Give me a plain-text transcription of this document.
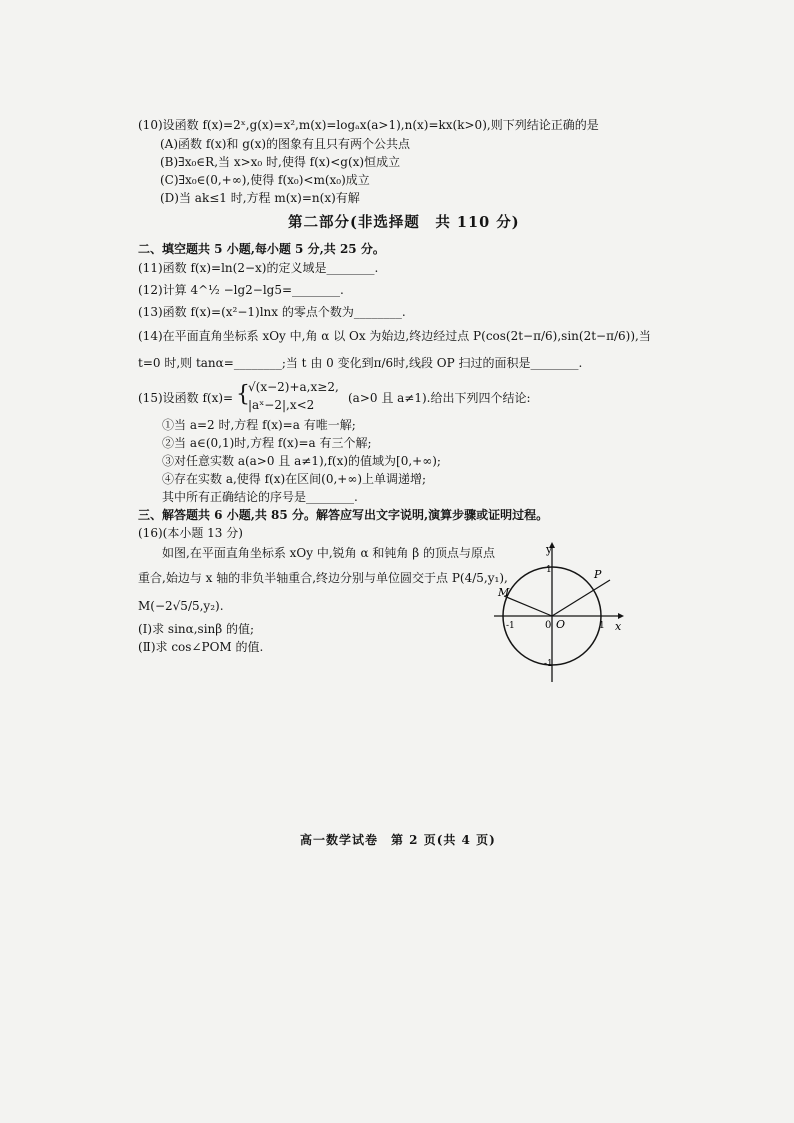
(10)设函数 f(x)=2ˣ,g(x)=x²,m(x)=logₐx(a>1),n(x)=kx(k>0),则下列结论正确的是
(A)函数 f(x)和 g(x)的图象有且只有两个公共点
(B)∃x₀∈R,当 x>x₀ 时,使得 f(x)<g(x)恒成立
(C)∃x₀∈(0,+∞),使得 f(x₀)<m(x₀)成立
(D)当 ak≤1 时,方程 m(x)=n(x)有解
第二部分(非选择题　共 110 分)
二、填空题共 5 小题,每小题 5 分,共 25 分。
(11)函数 f(x)=ln(2−x)的定义域是________.
(12)计算 4^½ −lg2−lg5=________.
(13)函数 f(x)=(x²−1)lnx 的零点个数为________.
(14)在平面直角坐标系 xOy 中,角 α 以 Ox 为始边,终边经过点 P(cos(2t−π/6),sin(2t−π/6)),当
t=0 时,则 tanα=________;当 t 由 0 变化到π/6时,线段 OP 扫过的面积是________.
(15)设函数 f(x)= {
√(x−2)+a,x≥2,
|aˣ−2|,x<2	(a>0 且 a≠1).给出下列四个结论:
①当 a=2 时,方程 f(x)=a 有唯一解;
②当 a∈(0,1)时,方程 f(x)=a 有三个解;
③对任意实数 a(a>0 且 a≠1),f(x)的值域为[0,+∞);
④存在实数 a,使得 f(x)在区间(0,+∞)上单调递增;
其中所有正确结论的序号是________.
三、解答题共 6 小题,共 85 分。解答应写出文字说明,演算步骤或证明过程。
(16)(本小题 13 分)
如图,在平面直角坐标系 xOy 中,锐角 α 和钝角 β 的顶点与原点
重合,始边与 x 轴的非负半轴重合,终边分别与单位圆交于点 P(4/5,y₁),
M(−2√5/5,y₂).
(Ⅰ)求 sinα,sinβ 的值;
(Ⅱ)求 cos∠POM 的值.
y
x
P
M
O
0
1
1
-1
-1
高一数学试卷　第 2 页(共 4 页)
